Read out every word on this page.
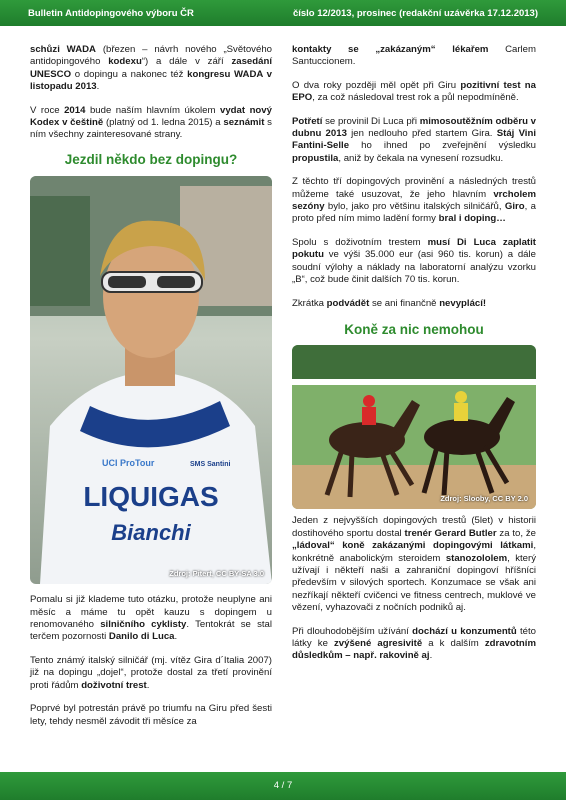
Bulletin Antidopingového výboru ČR	číslo 12/2013, prosinec (redakční uzávěrka 17.12.2013)

schůzi WADA (březen – návrh nového „Světového antidopingového kodexu“) a dále v září zasedání UNESCO o dopingu a nakonec též kongresu WADA v listopadu 2013.

V roce 2014 bude naším hlavním úkolem vydat nový Kodex v češtině (platný od 1. ledna 2015) a seznámit s ním všechny zainteresované strany.

Jezdil někdo bez dopingu?
LIQUIGAS
Bianchi
UCI ProTour	SMS Santini
Zdroj: Pitert, CC BY-SA 3.0

Pomalu si již klademe tuto otázku, protože neuplyne ani měsíc a máme tu opět kauzu s dopingem u renomovaného silničního cyklisty. Tentokrát se stal terčem pozornosti Danilo di Luca.

Tento známý italský silničář (mj. vítěz Gira d´Italia 2007) již na dopingu „dojel“, protože dostal za třetí provinění proti řádům doživotní trest.

Poprvé byl potrestán právě po triumfu na Giru před šesti lety, tehdy nesměl závodit tři měsíce za

kontakty se „zakázaným“ lékařem Carlem Santuccionem.

O dva roky později měl opět při Giru pozitivní test na EPO, za což následoval trest rok a půl nepodmíněně.

Potřetí se provinil Di Luca při mimosoutěžním odběru v dubnu 2013 jen nedlouho před startem Gira. Stáj Vini Fantini-Selle ho ihned po zveřejnění výsledku propustila, aniž by čekala na vynesení rozsudku.

Z těchto tří dopingových provinění a následných trestů můžeme také usuzovat, že jeho hlavním vrcholem sezóny bylo, jako pro většinu italských silničářů, Giro, a proto před ním mimo ladění formy bral i doping…

Spolu s doživotním trestem musí Di Luca zaplatit pokutu ve výši 35.000 eur (asi 960 tis. korun) a dále soudní výlohy a náklady na laboratorní analýzu vzorku „B“, což bude činit dalších 70 tis. korun.

Zkrátka podvádět se ani finančně nevyplácí!

Koně za nic nemohou
Zdroj: Slooby, CC BY 2.0

Jeden z nejvyšších dopingových trestů (5let) v historii dostihového sportu dostal trenér Gerard Butler za to, že „ládoval“ koně zakázanými dopingovými látkami, konkrétně anabolickým steroidem stanozololem, který užívají i někteří naši a zahraniční dopingoví hříšníci především v silových sportech. Konzumace se však ani nezříkají někteří cvičenci ve fitness centrech, muklové ve vězení, vyhazovači z nočních podniků aj.

Při dlouhodobějším užívání dochází u konzumentů této látky ke zvýšené agresivitě a k dalším zdravotním důsledkům – např. rakovině aj.

4 / 7
